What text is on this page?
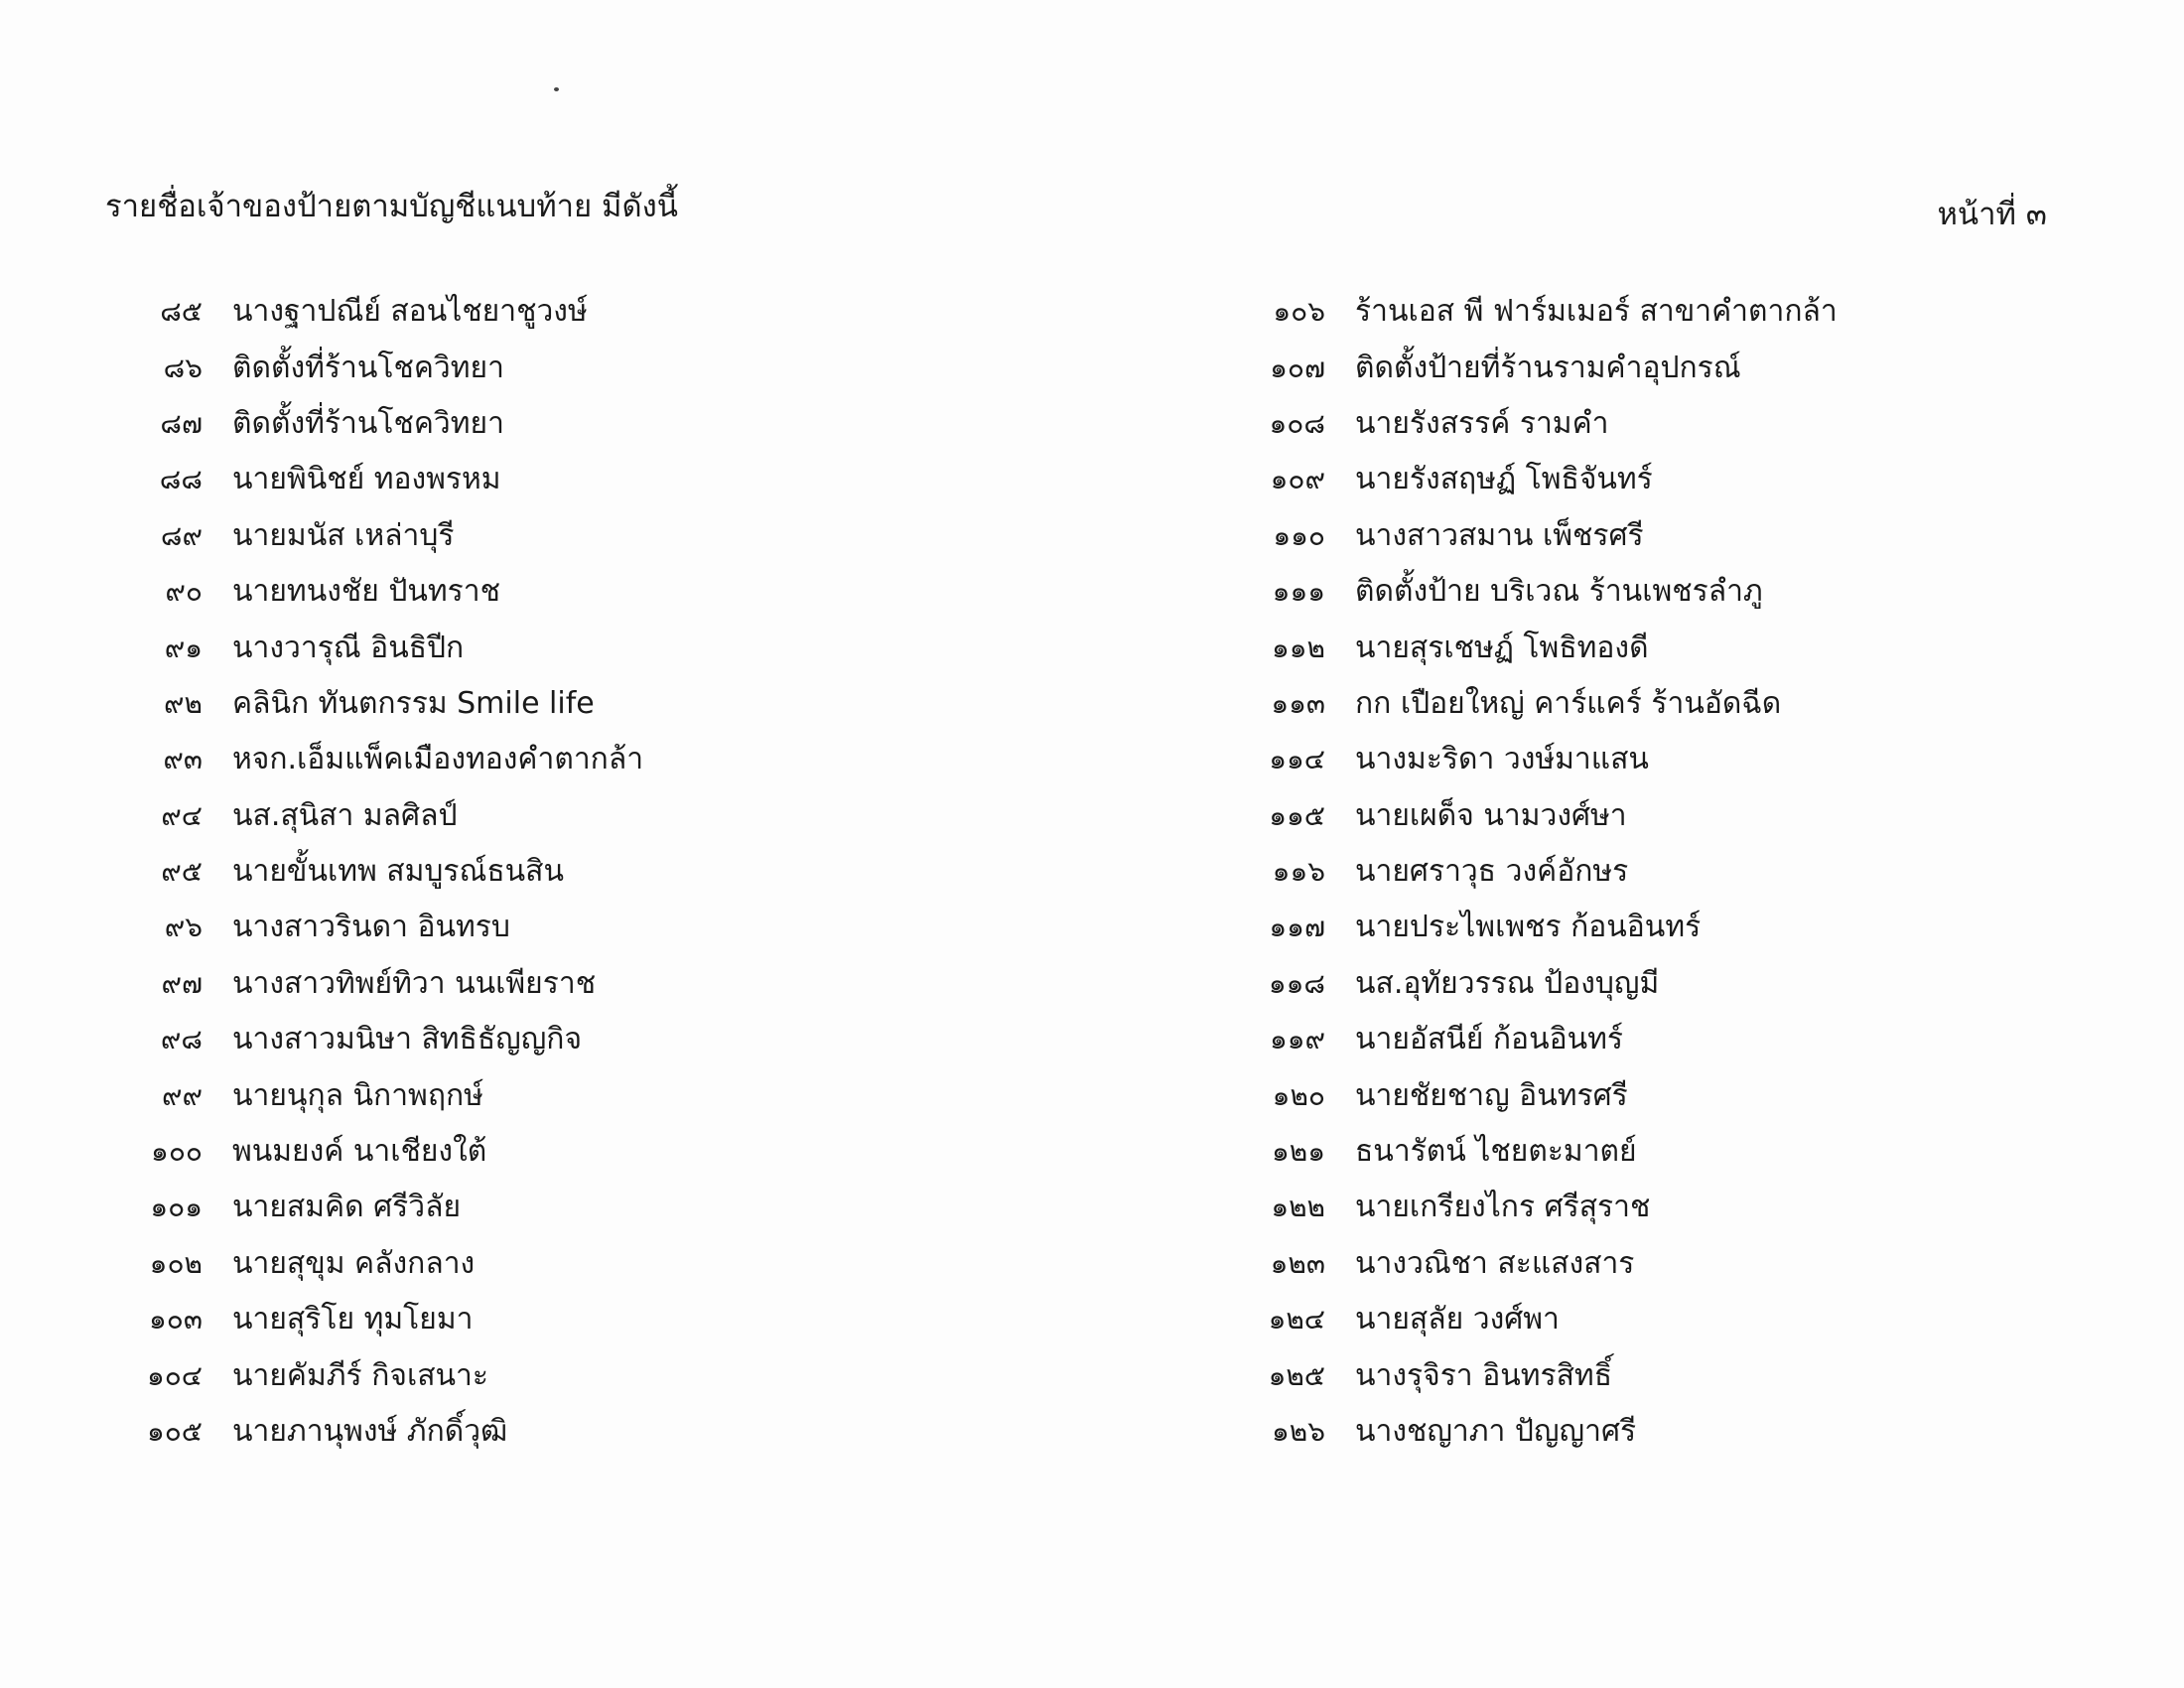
รายชื่อเจ้าของป้ายตามบัญชีแนบท้าย มีดังนี้	หน้าที่ ๓
๘๕ นางฐาปณีย์ สอนไชยาชูวงษ์
๘๖ ติดตั้งที่ร้านโชควิทยา
๘๗ ติดตั้งที่ร้านโชควิทยา
๘๘ นายพินิชย์ ทองพรหม
๘๙ นายมนัส เหล่าบุรี
๙๐ นายทนงชัย ปันทราช
๙๑ นางวารุณี อินธิปีก
๙๒ คลินิก ทันตกรรม Smile life
๙๓ หจก.เอ็มแพ็คเมืองทองคำตากล้า
๙๔ นส.สุนิสา มลศิลป์
๙๕ นายขั้นเทพ สมบูรณ์ธนสิน
๙๖ นางสาวรินดา อินทรบ
๙๗ นางสาวทิพย์ทิวา นนเพียราช
๙๘ นางสาวมนิษา สิทธิธัญญกิจ
๙๙ นายนุกุล นิกาพฤกษ์
๑๐๐ พนมยงค์ นาเชียงใต้
๑๐๑ นายสมคิด ศรีวิลัย
๑๐๒ นายสุขุม คลังกลาง
๑๐๓ นายสุริโย ทุมโยมา
๑๐๔ นายคัมภีร์ กิจเสนาะ
๑๐๕ นายภานุพงษ์ ภักดิ์วุฒิ
๑๐๖ ร้านเอส พี ฟาร์มเมอร์ สาขาคำตากล้า
๑๐๗ ติดตั้งป้ายที่ร้านรามคำอุปกรณ์
๑๐๘ นายรังสรรค์ รามคำ
๑๐๙ นายรังสฤษฏ์ โพธิจันทร์
๑๑๐ นางสาวสมาน เพ็ชรศรี
๑๑๑ ติดตั้งป้าย บริเวณ ร้านเพชรลำภู
๑๑๒ นายสุรเชษฏ์ โพธิทองดี
๑๑๓ กก เปือยใหญ่ คาร์แคร์ ร้านอัดฉีด
๑๑๔ นางมะริดา วงษ์มาแสน
๑๑๕ นายเผด็จ นามวงศ์ษา
๑๑๖ นายศราวุธ วงค์อักษร
๑๑๗ นายประไพเพชร ก้อนอินทร์
๑๑๘ นส.อุทัยวรรณ ป้องบุญมี
๑๑๙ นายอัสนีย์ ก้อนอินทร์
๑๒๐ นายชัยชาญ อินทรศรี
๑๒๑ ธนารัตน์ ไชยตะมาตย์
๑๒๒ นายเกรียงไกร ศรีสุราช
๑๒๓ นางวณิชา สะแสงสาร
๑๒๔ นายสุลัย วงศ์พา
๑๒๕ นางรุจิรา อินทรสิทธิ์
๑๒๖ นางชญาภา ปัญญาศรี
